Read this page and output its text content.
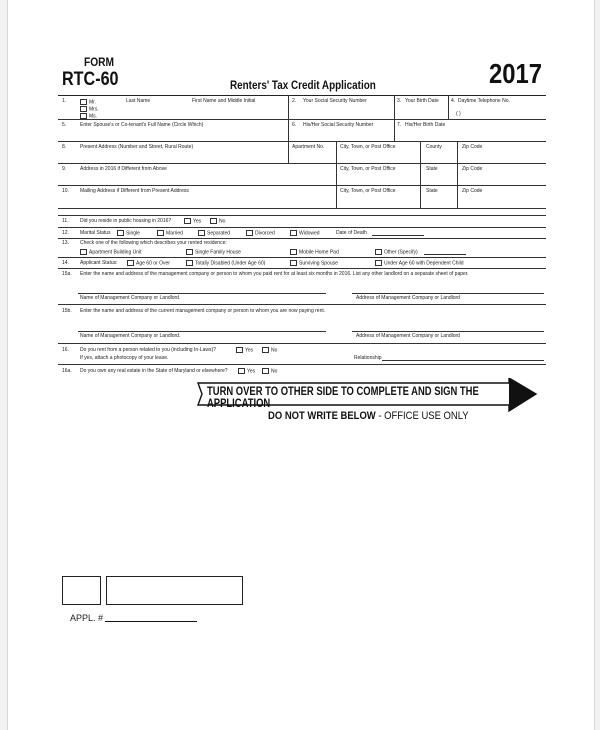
FORM
RTC-60	Renters' Tax Credit Application	2017
1.	Mr.
Mrs.
Ms.
Last Name	First Name and Middle Initial	2. Your Social Security Number	3. Your Birth Date 4. Daytime Telephone No.
( )
5.	Enter Spouse's or Co-tenant's Full Name (Circle Which)	6. His/Her Social Security Number	7. His/Her Birth Date
8.	Present Address (Number and Street, Rural Route)	Apartment No.	City, Town, or Post Office	County	Zip Code
9.	Address in 2016 if Different from Above	City, Town, or Post Office	State	Zip Code
10. Mailing Address if Different from Present Address	City, Town, or Post Office	State	Zip Code
11. Did you reside in public housing in 2016?	Yes	No
12. Marital Status	Single	Married	Separated	Divorced	Widowed	Date of Death
13. Check one of the following which describes your rented residence:
Apartment Building Unit	Single Family House	Mobile Home Pad	Other (Specify)
14. Applicant Status:	Age 60 or Over	Totally Disabled (Under Age 60)	Surviving Spouse	Under Age 60 with Dependent Child
15a. Enter the name and address of the management company or person to whom you paid rent for at least six months in 2016. List any other landlord on a separate sheet of paper.
Name of Management Company or Landlord.	Address of Management Company or Landlord
15b. Enter the name and address of the current management company or person to whom you are now paying rent.
Name of Management Company or Landlord.	Address of Management Company or Landlord
16. Do you rent from a person related to you (including In-Laws)?	Yes	No
If yes, attach a photocopy of your lease.	Relationship
16a. Do you own any real estate in the State of Maryland or elsewhere?	Yes	No
TURN OVER TO OTHER SIDE TO COMPLETE AND SIGN THE APPLICATION
DO NOT WRITE BELOW - OFFICE USE ONLY
APPL. #
